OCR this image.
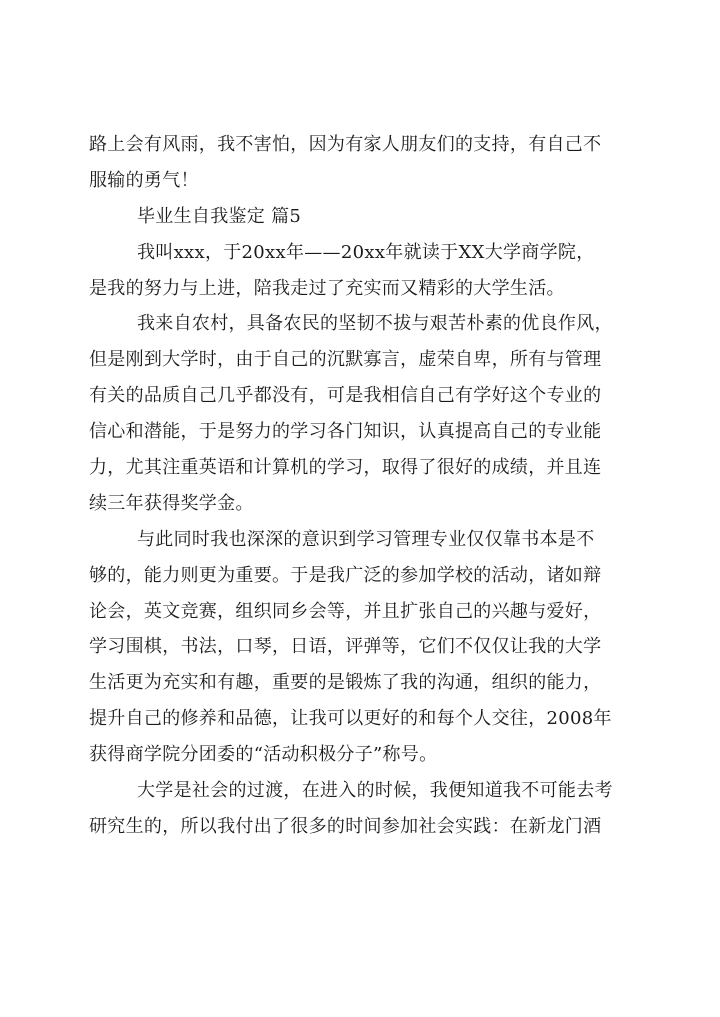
路上会有风雨，我不害怕，因为有家人朋友们的支持，有自己不
服输的勇气！
毕业生自我鉴定 篇5
我叫xxx，于20xx年——20xx年就读于XX大学商学院，
是我的努力与上进，陪我走过了充实而又精彩的大学生活。
我来自农村，具备农民的坚韧不拔与艰苦朴素的优良作风，
但是刚到大学时，由于自己的沉默寡言，虚荣自卑，所有与管理
有关的品质自己几乎都没有，可是我相信自己有学好这个专业的
信心和潜能，于是努力的学习各门知识，认真提高自己的专业能
力，尤其注重英语和计算机的学习，取得了很好的成绩，并且连
续三年获得奖学金。
与此同时我也深深的意识到学习管理专业仅仅靠书本是不
够的，能力则更为重要。于是我广泛的参加学校的活动，诸如辩
论会，英文竞赛，组织同乡会等，并且扩张自己的兴趣与爱好，
学习围棋，书法，口琴，日语，评弹等，它们不仅仅让我的大学
生活更为充实和有趣，重要的是锻炼了我的沟通，组织的能力，
提升自己的修养和品德，让我可以更好的和每个人交往，2008年
获得商学院分团委的“活动积极分子”称号。
大学是社会的过渡，在进入的时候，我便知道我不可能去考
研究生的，所以我付出了很多的时间参加社会实践：在新龙门酒
